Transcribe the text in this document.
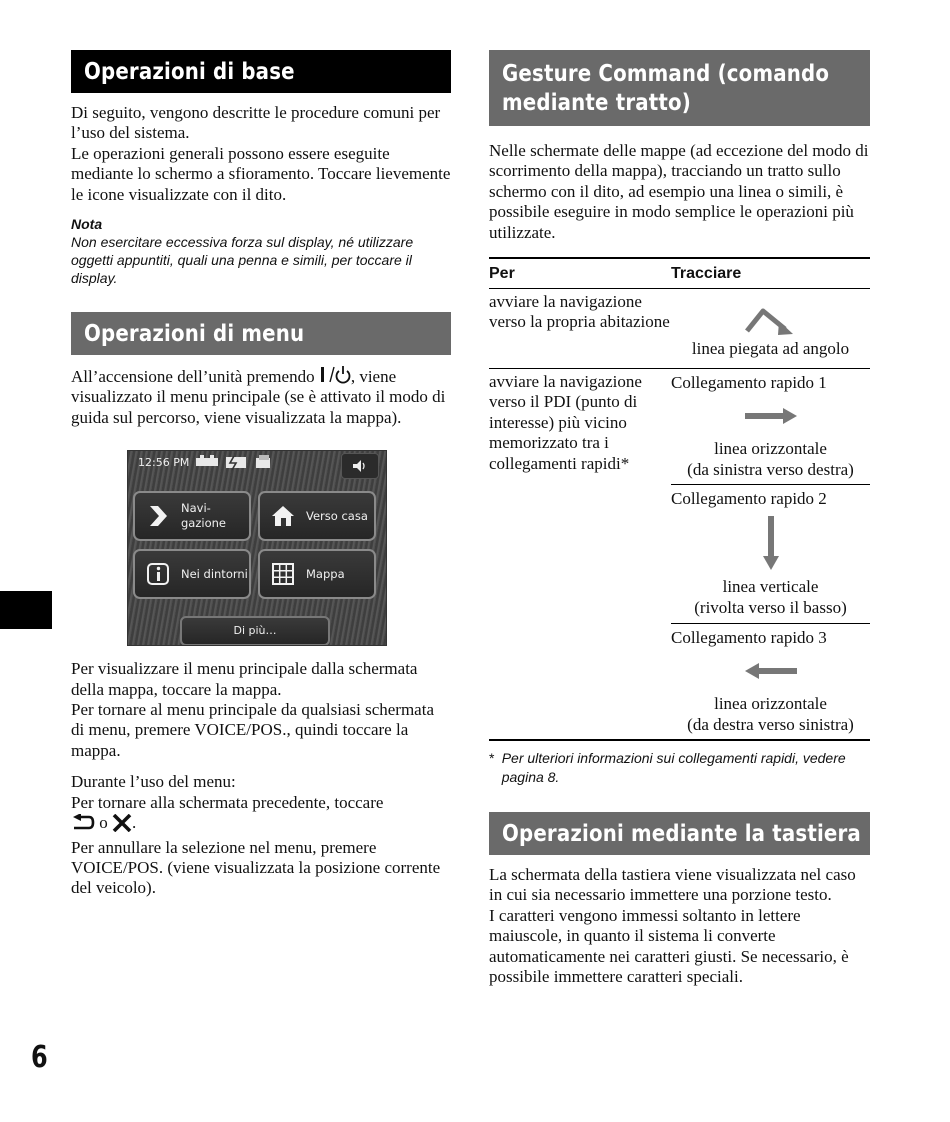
Operazioni di base

Di seguito, vengono descritte le procedure comuni per l’uso del sistema.

Le operazioni generali possono essere eseguite mediante lo schermo a sfioramento. Toccare lievemente le icone visualizzate con il dito.

Nota
Non esercitare eccessiva forza sul display, né utilizzare oggetti appuntiti, quali una penna e simili, per toccare il display.
Operazioni di menu

All’accensione dell’unità premendo , viene visualizzato il menu principale (se è attivato il modo di guida sul percorso, viene visualizzata la mappa).

12:56 PM
Navi-
gazione
Verso casa
Nei dintorni	Mappa
Di più…

Per visualizzare il menu principale dalla schermata della mappa, toccare la mappa.

Per tornare al menu principale da qualsiasi schermata di menu, premere VOICE/POS., quindi toccare la mappa.

Durante l’uso del menu:

Per tornare alla schermata precedente, toccare
o .

Per annullare la selezione nel menu, premere VOICE/POS. (viene visualizzata la posizione corrente del veicolo).

Gesture Command (comando
mediante tratto)

Nelle schermate delle mappe (ad eccezione del modo di scorrimento della mappa), tracciando un tratto sullo schermo con il dito, ad esempio una linea o simili, è possibile eseguire in modo semplice le operazioni più utilizzate.

Per	Tracciare
avviare la navigazione verso la propria abitazione
linea piegata ad angolo
avviare la navigazione verso il PDI (punto di interesse) più vicino memorizzato tra i collegamenti rapidi*
Collegamento rapido 1
linea orizzontale
(da sinistra verso destra)
Collegamento rapido 2
linea verticale
(rivolta verso il basso)
Collegamento rapido 3
linea orizzontale
(da destra verso sinistra)
* Per ulteriori informazioni sui collegamenti rapidi, vedere pagina 8.
Operazioni mediante la tastiera

La schermata della tastiera viene visualizzata nel caso in cui sia necessario immettere una porzione testo.

I caratteri vengono immessi soltanto in lettere maiuscole, in quanto il sistema li converte automaticamente nei caratteri giusti. Se necessario, è possibile immettere caratteri speciali.

6
